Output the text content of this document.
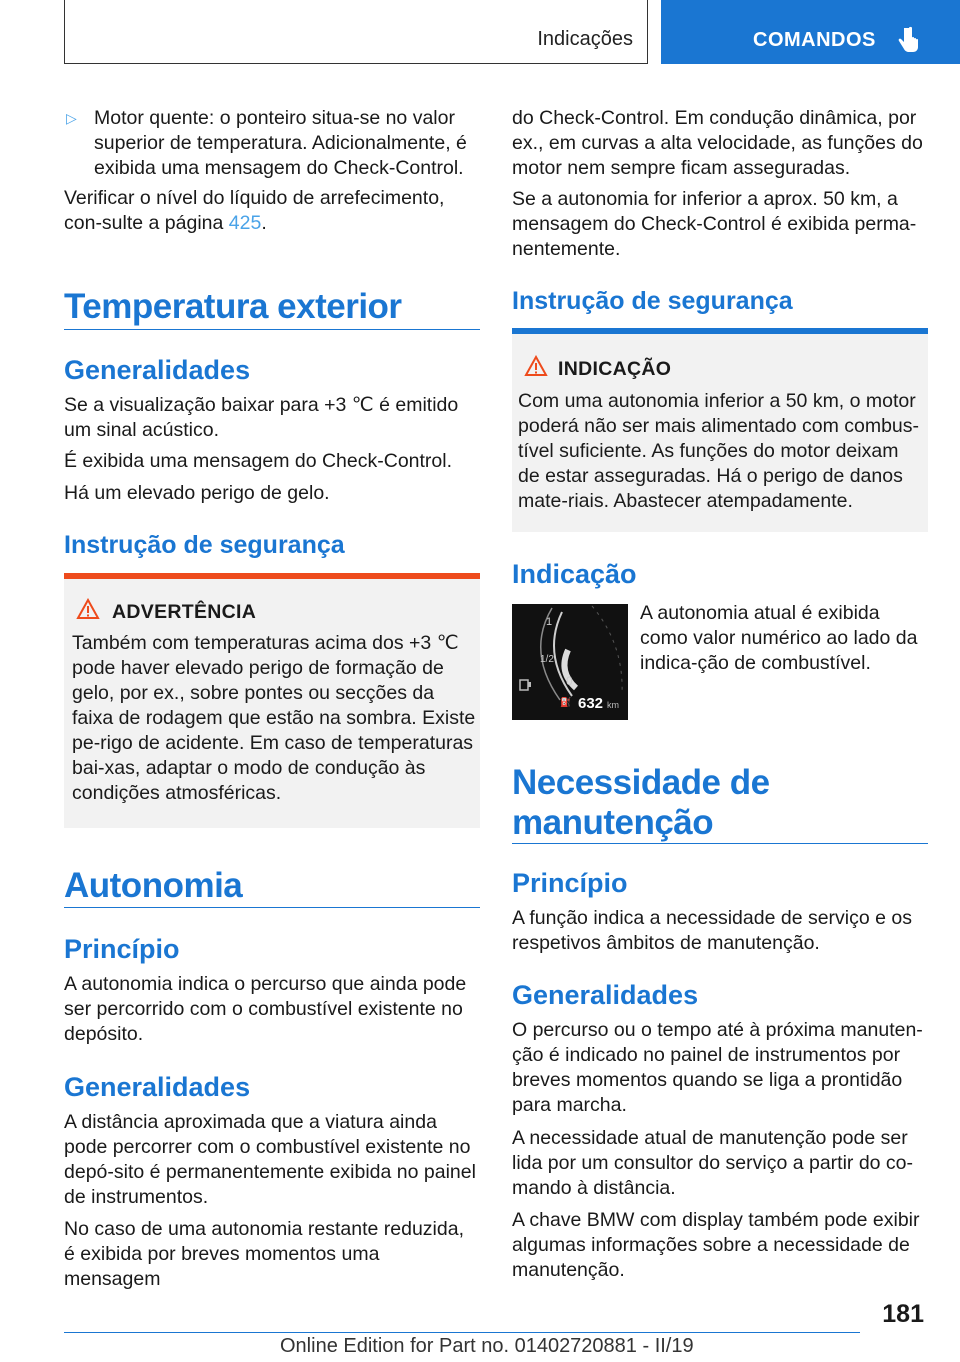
Indicações	COMANDOS
▷ Motor quente: o ponteiro situa-se no valor superior de temperatura. Adicionalmente, é exibida uma mensagem do Check-Control.

Verificar o nível do líquido de arrefecimento, con-sulte a página 425.

Temperatura exterior
Generalidades

Se a visualização baixar para +3 ℃ é emitido um sinal acústico.

É exibida uma mensagem do Check-Control.

Há um elevado perigo de gelo.

Instrução de segurança
ADVERTÊNCIA

Também com temperaturas acima dos +3 ℃ pode haver elevado perigo de formação de gelo, por ex., sobre pontes ou secções da faixa de rodagem que estão na sombra. Existe pe-rigo de acidente. Em caso de temperaturas bai-xas, adaptar o modo de condução às condições atmosféricas.

Autonomia
Princípio

A autonomia indica o percurso que ainda pode ser percorrido com o combustível existente no depósito.

Generalidades

A distância aproximada que a viatura ainda pode percorrer com o combustível existente no depó-sito é permanentemente exibida no painel de instrumentos.

No caso de uma autonomia restante reduzida, é exibida por breves momentos uma mensagem

do Check-Control. Em condução dinâmica, por ex., em curvas a alta velocidade, as funções do motor nem sempre ficam asseguradas.

Se a autonomia for inferior a aprox. 50 km, a mensagem do Check-Control é exibida perma-nentemente.

Instrução de segurança
INDICAÇÃO

Com uma autonomia inferior a 50 km, o motor poderá não ser mais alimentado com combus-tível suficiente. As funções do motor deixam de estar asseguradas. Há o perigo de danos mate-riais. Abastecer atempadamente.

Indicação
1
1/2
0
⛽ 632 km

A autonomia atual é exibida como valor numérico ao lado da indica-ção de combustível.

Necessidade de manutenção
Princípio

A função indica a necessidade de serviço e os respetivos âmbitos de manutenção.

Generalidades

O percurso ou o tempo até à próxima manuten-ção é indicado no painel de instrumentos por breves momentos quando se liga a prontidão para marcha.

A necessidade atual de manutenção pode ser lida por um consultor do serviço a partir do co-mando à distância.

A chave BMW com display também pode exibir algumas informações sobre a necessidade de manutenção.

181
Online Edition for Part no. 01402720881 - II/19
